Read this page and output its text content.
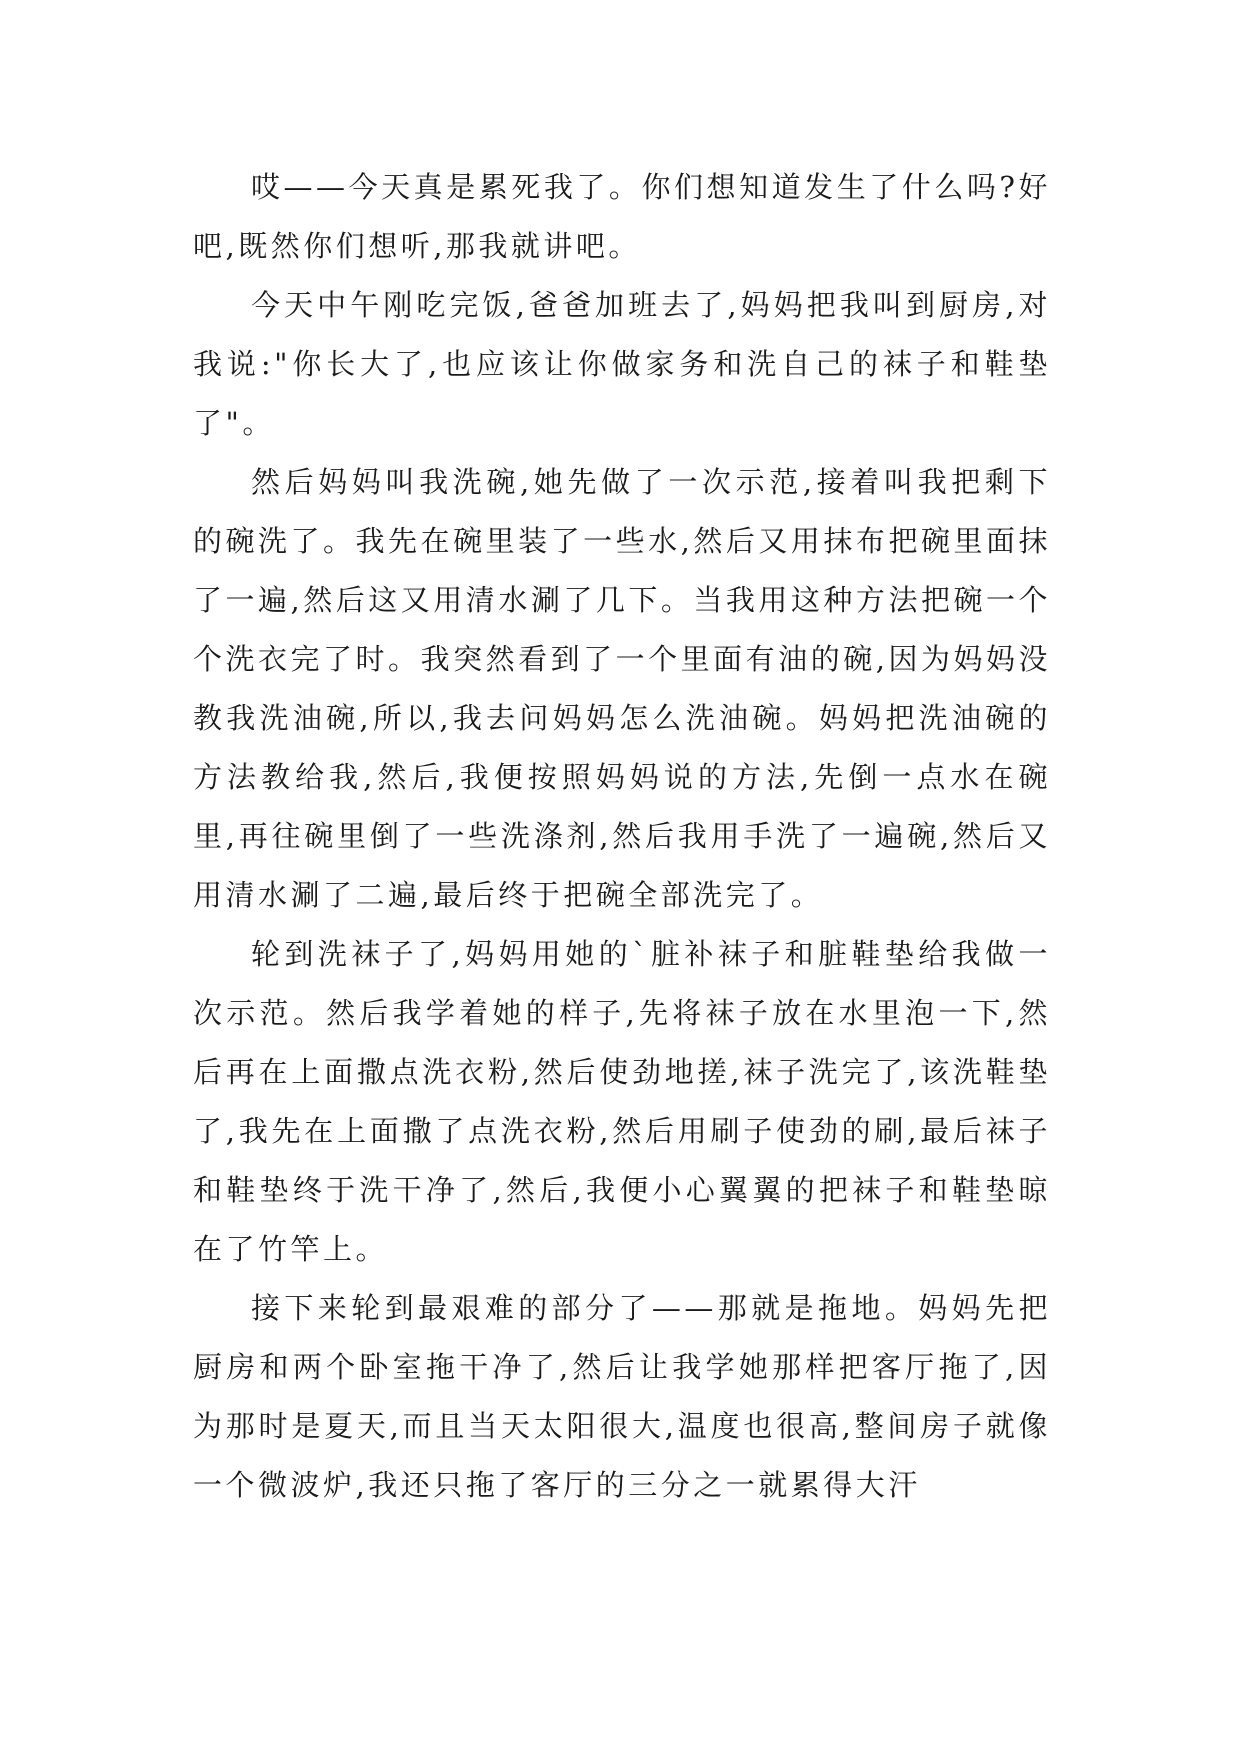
哎——今天真是累死我了。你们想知道发生了什么吗?好吧,既然你们想听,那我就讲吧。

今天中午刚吃完饭,爸爸加班去了,妈妈把我叫到厨房,对我说:"你长大了,也应该让你做家务和洗自己的袜子和鞋垫了"。

然后妈妈叫我洗碗,她先做了一次示范,接着叫我把剩下的碗洗了。我先在碗里装了一些水,然后又用抹布把碗里面抹了一遍,然后这又用清水涮了几下。当我用这种方法把碗一个个洗衣完了时。我突然看到了一个里面有油的碗,因为妈妈没教我洗油碗,所以,我去问妈妈怎么洗油碗。妈妈把洗油碗的方法教给我,然后,我便按照妈妈说的方法,先倒一点水在碗里,再往碗里倒了一些洗涤剂,然后我用手洗了一遍碗,然后又用清水涮了二遍,最后终于把碗全部洗完了。

轮到洗袜子了,妈妈用她的`脏补袜子和脏鞋垫给我做一次示范。然后我学着她的样子,先将袜子放在水里泡一下,然后再在上面撒点洗衣粉,然后使劲地搓,袜子洗完了,该洗鞋垫了,我先在上面撒了点洗衣粉,然后用刷子使劲的刷,最后袜子和鞋垫终于洗干净了,然后,我便小心翼翼的把袜子和鞋垫晾在了竹竿上。

接下来轮到最艰难的部分了——那就是拖地。妈妈先把厨房和两个卧室拖干净了,然后让我学她那样把客厅拖了,因为那时是夏天,而且当天太阳很大,温度也很高,整间房子就像一个微波炉,我还只拖了客厅的三分之一就累得大汗
